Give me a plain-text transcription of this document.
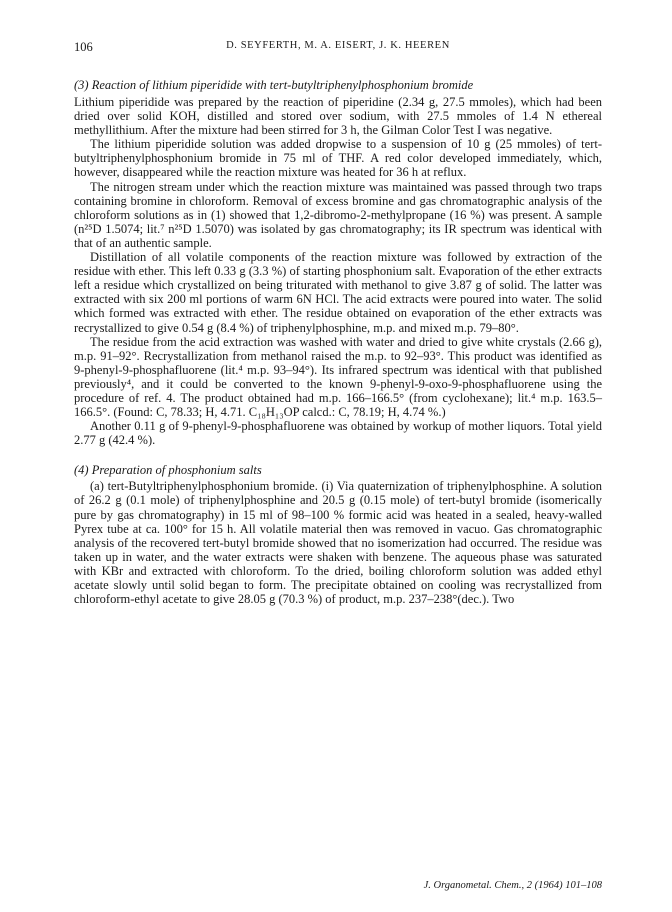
106	D. SEYFERTH, M. A. EISERT, J. K. HEEREN
(3) Reaction of lithium piperidide with tert-butyltriphenylphosphonium bromide

Lithium piperidide was prepared by the reaction of piperidine (2.34 g, 27.5 mmoles), which had been dried over solid KOH, distilled and stored over sodium, with 27.5 mmoles of 1.4 N ethereal methyllithium. After the mixture had been stirred for 3 h, the Gilman Color Test I was negative.

The lithium piperidide solution was added dropwise to a suspension of 10 g (25 mmoles) of tert-butyltriphenylphosphonium bromide in 75 ml of THF. A red color developed immediately, which, however, disappeared while the reaction mixture was heated for 36 h at reflux.

The nitrogen stream under which the reaction mixture was maintained was passed through two traps containing bromine in chloroform. Removal of excess bromine and gas chromatographic analysis of the chloroform solutions as in (1) showed that 1,2-dibromo-2-methylpropane (16 %) was present. A sample (n²⁵D 1.5074; lit.⁷ n²⁵D 1.5070) was isolated by gas chromatography; its IR spectrum was identical with that of an authentic sample.

Distillation of all volatile components of the reaction mixture was followed by extraction of the residue with ether. This left 0.33 g (3.3 %) of starting phosphonium salt. Evaporation of the ether extracts left a residue which crystallized on being triturated with methanol to give 3.87 g of solid. The latter was extracted with six 200 ml portions of warm 6N HCl. The acid extracts were poured into water. The solid which formed was extracted with ether. The residue obtained on evaporation of the ether extracts was recrystallized to give 0.54 g (8.4 %) of triphenylphosphine, m.p. and mixed m.p. 79–80°.

The residue from the acid extraction was washed with water and dried to give white crystals (2.66 g), m.p. 91–92°. Recrystallization from methanol raised the m.p. to 92–93°. This product was identified as 9-phenyl-9-phosphafluorene (lit.⁴ m.p. 93–94°). Its infrared spectrum was identical with that published previously⁴, and it could be converted to the known 9-phenyl-9-oxo-9-phosphafluorene using the procedure of ref. 4. The product obtained had m.p. 166–166.5° (from cyclohexane); lit.⁴ m.p. 163.5–166.5°. (Found: C, 78.33; H, 4.71. C₁₈H₁₃OP calcd.: C, 78.19; H, 4.74 %.)

Another 0.11 g of 9-phenyl-9-phosphafluorene was obtained by workup of mother liquors. Total yield 2.77 g (42.4 %).

(4) Preparation of phosphonium salts

(a) tert-Butyltriphenylphosphonium bromide. (i) Via quaternization of triphenylphosphine. A solution of 26.2 g (0.1 mole) of triphenylphosphine and 20.5 g (0.15 mole) of tert-butyl bromide (isomerically pure by gas chromatography) in 15 ml of 98–100 % formic acid was heated in a sealed, heavy-walled Pyrex tube at ca. 100° for 15 h. All volatile material then was removed in vacuo. Gas chromatographic analysis of the recovered tert-butyl bromide showed that no isomerization had occurred. The residue was taken up in water, and the water extracts were shaken with benzene. The aqueous phase was saturated with KBr and extracted with chloroform. To the dried, boiling chloroform solution was added ethyl acetate slowly until solid began to form. The precipitate obtained on cooling was recrystallized from chloroform-ethyl acetate to give 28.05 g (70.3 %) of product, m.p. 237–238°(dec.). Two

J. Organometal. Chem., 2 (1964) 101–108
